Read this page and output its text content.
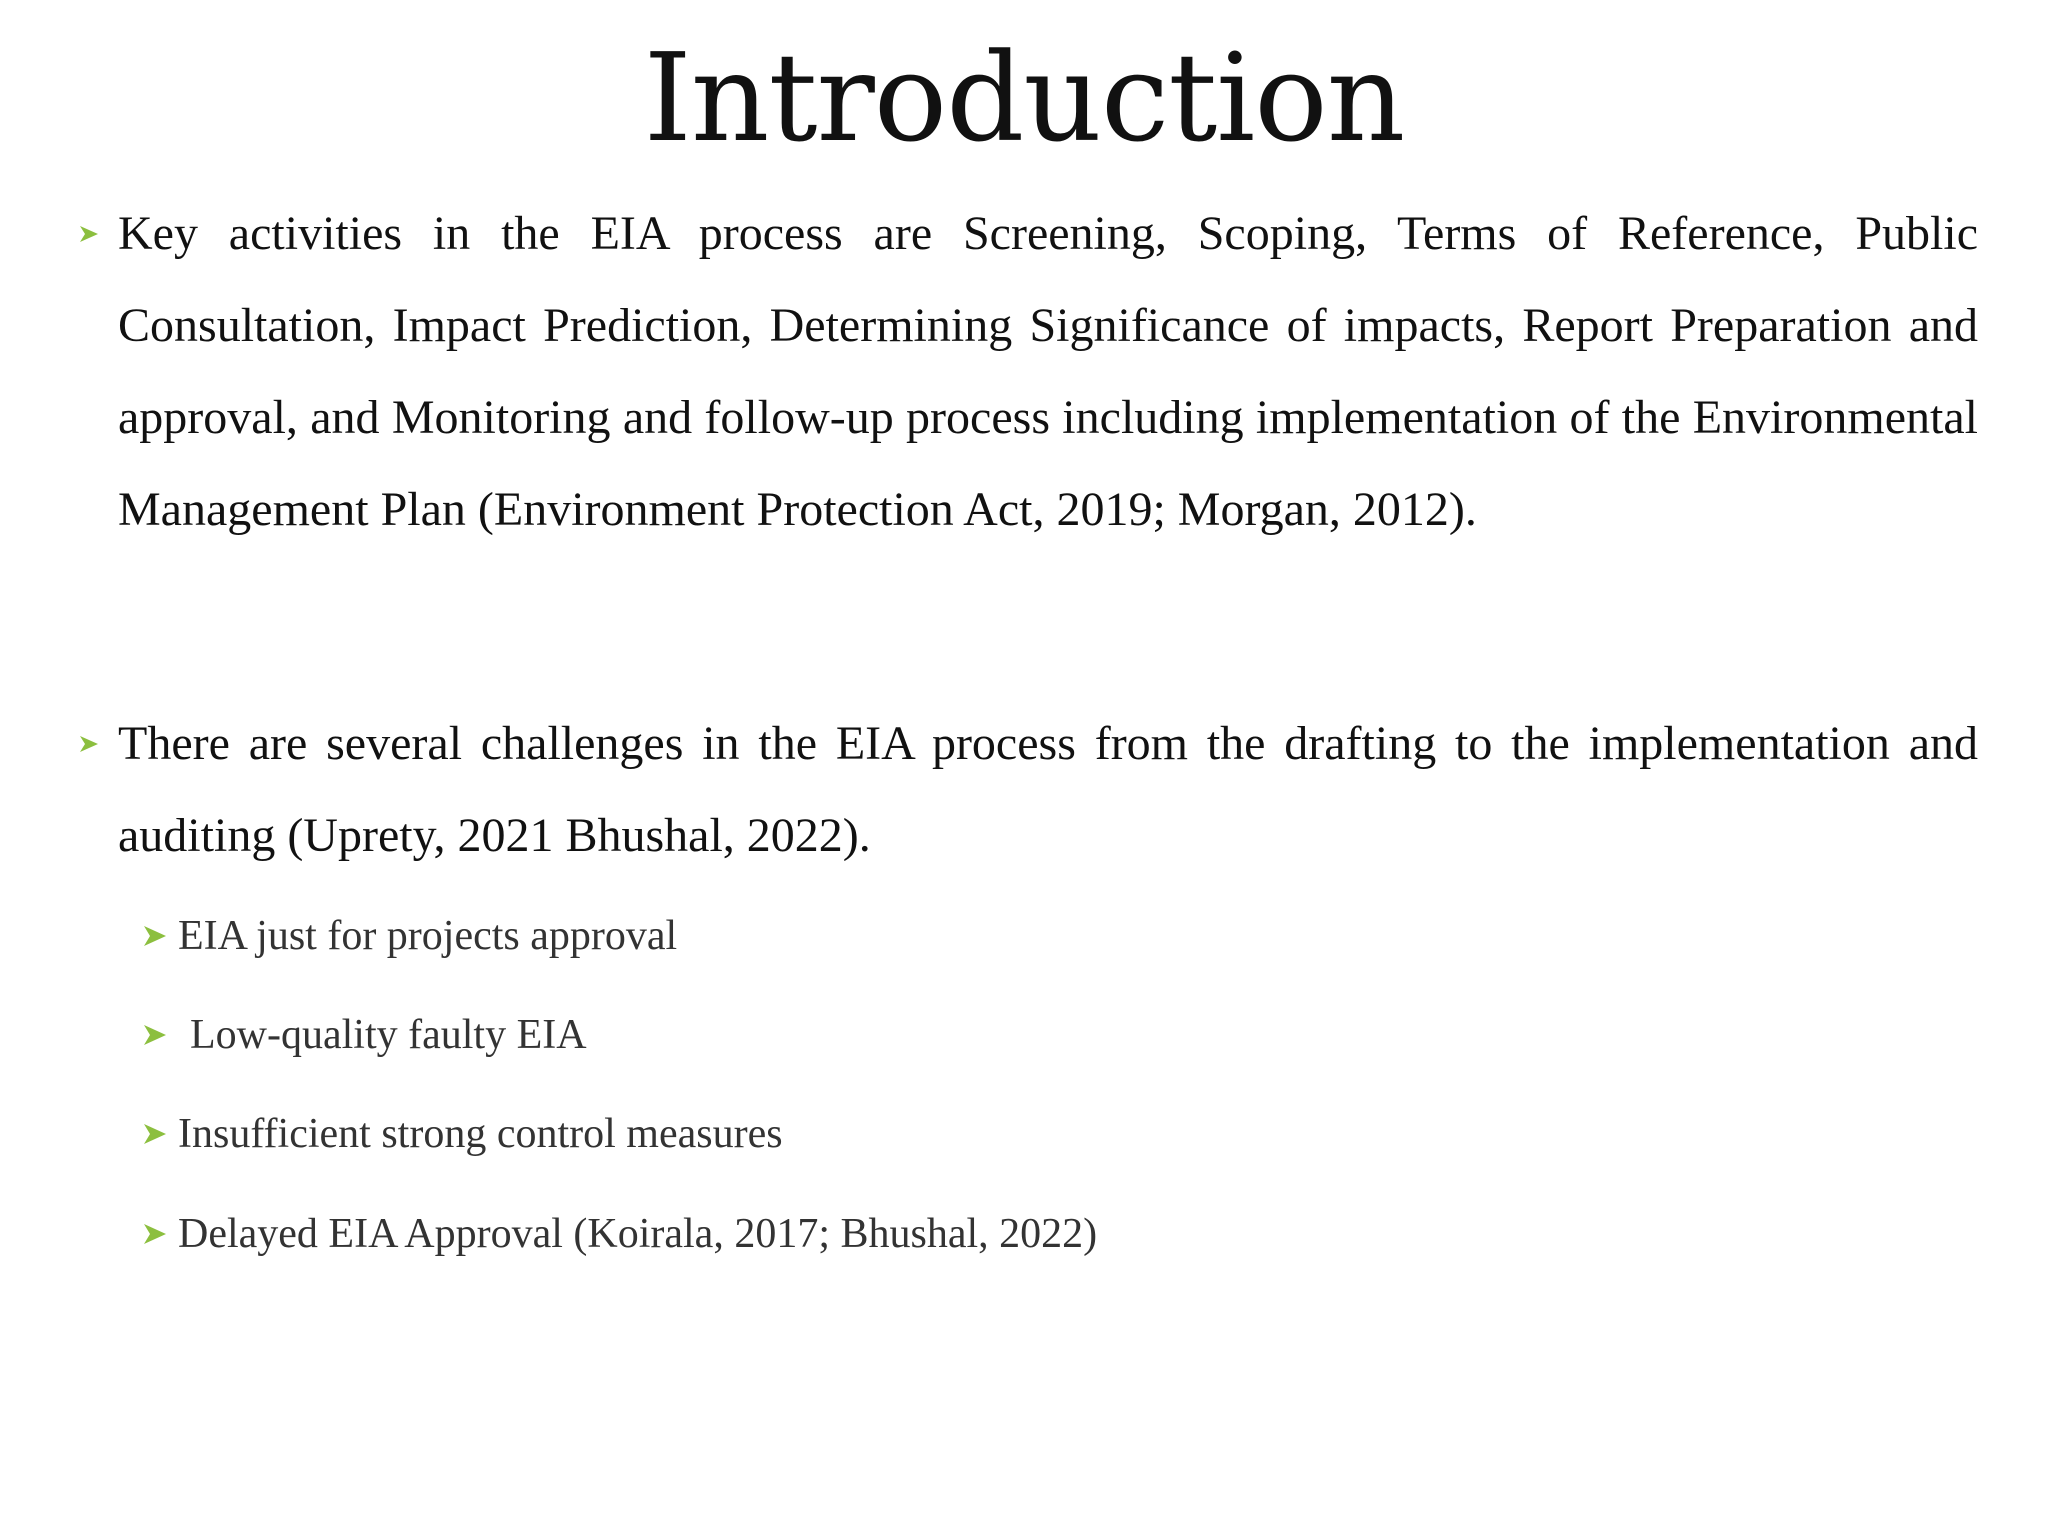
Introduction
Key activities in the EIA process are Screening, Scoping, Terms of Reference, Public Consultation, Impact Prediction, Determining Significance of impacts, Report Preparation and approval, and Monitoring and follow-up process including implementation of the Environmental Management Plan (Environment Protection Act, 2019; Morgan, 2012).
There are several challenges in the EIA process from the drafting to the implementation and auditing (Uprety, 2021 Bhushal, 2022).
EIA just for projects approval
Low-quality faulty EIA
Insufficient strong control measures
Delayed EIA Approval (Koirala, 2017; Bhushal, 2022)
